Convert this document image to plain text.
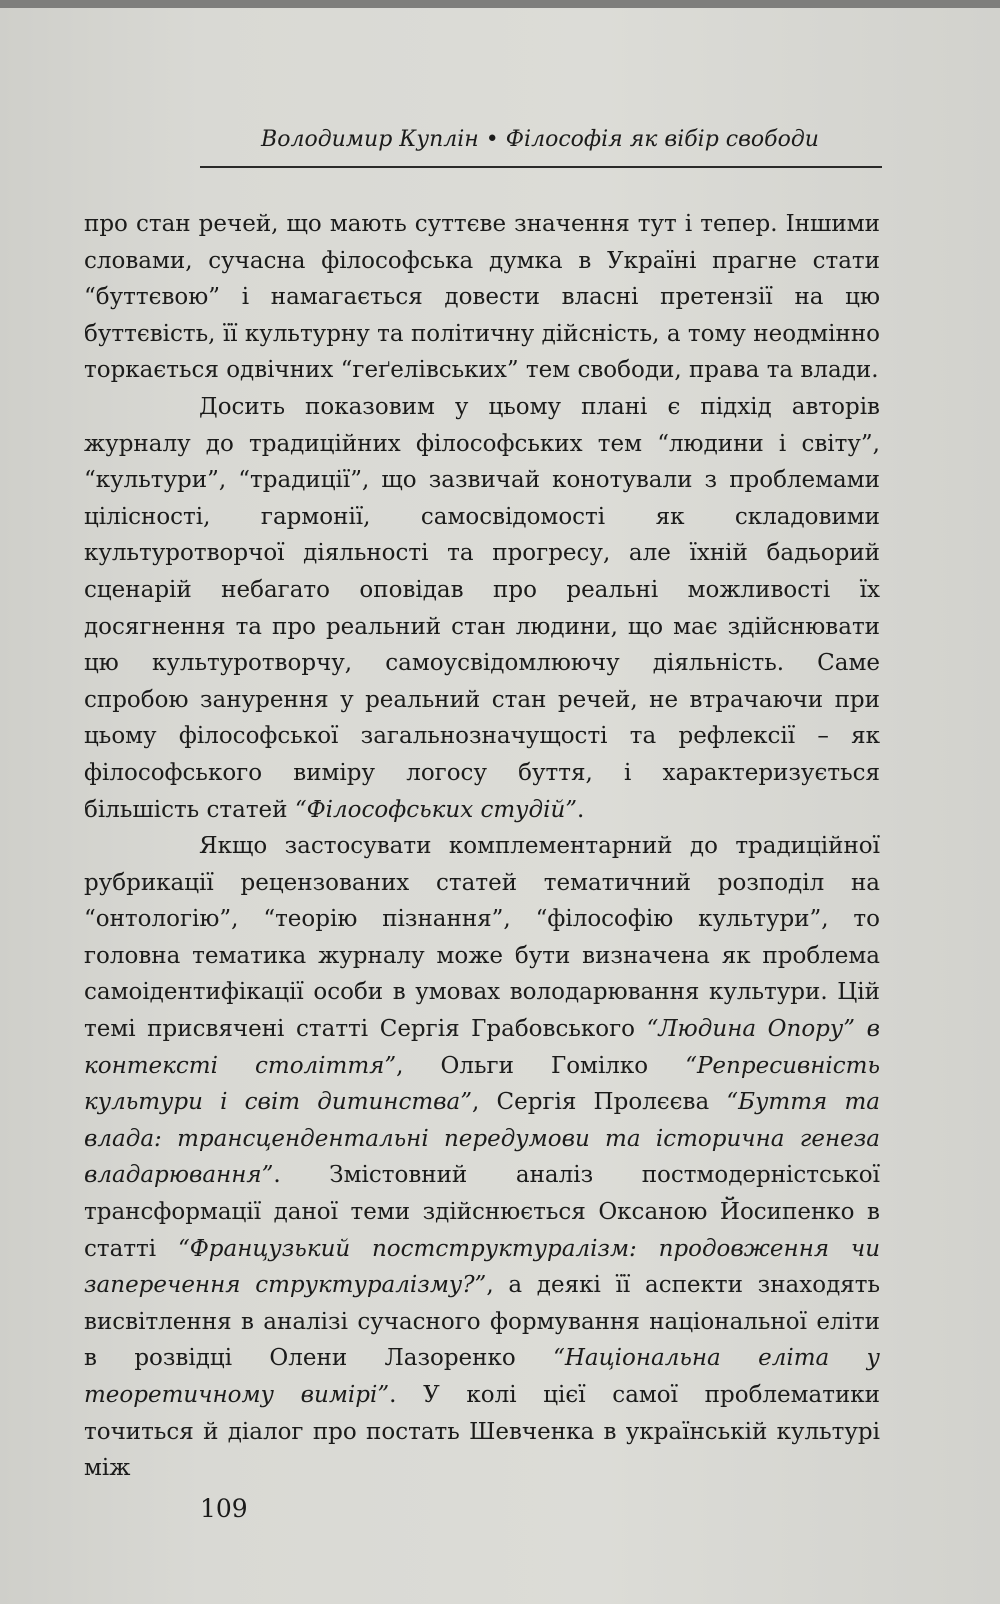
Володимир Куплін • Філософія як вібір свободи

про стан речей, що мають суттєве значення тут і тепер. Іншими словами, сучасна філософська думка в Україні прагне стати “буттєвою” і намагається довести власні претензії на цю буттєвість, її культурну та політичну дійсність, а тому неодмінно торкається одвічних “геґелівських” тем свободи, права та влади.

Досить показовим у цьому плані є підхід авторів журналу до традиційних філософських тем “людини і світу”, “культури”, “традиції”, що зазвичай конотували з проблемами цілісності, гармонії, самосвідомості як складовими культуротворчої діяльності та прогресу, але їхній бадьорий сценарій небагато оповідав про реальні можливості їх досягнення та про реальний стан людини, що має здійснювати цю культуротворчу, самоусвідомлюючу діяльність. Саме спробою занурення у реальний стан речей, не втрачаючи при цьому філософської загальнозначущості та рефлексії – як філософського виміру логосу буття, і характеризується більшість статей “Філософських студій”.

Якщо застосувати комплементарний до традиційної рубрикації рецензованих статей тематичний розподіл на “онтологію”, “теорію пізнання”, “філософію культури”, то головна тематика журналу може бути визначена як проблема самоідентифікації особи в умовах володарювання культури. Цій темі присвячені статті Сергія Грабовського “Людина Опору” в контексті століття”, Ольги Гомілко “Репресивність культури і світ дитинства”, Сергія Пролєєва “Буття та влада: трансцендентальні передумови та історична генеза владарювання”. Змістовний аналіз постмодерністської трансформації даної теми здійснюється Оксаною Йосипенко в статті “Французький постструктуралізм: продовження чи заперечення структуралізму?”, а деякі її аспекти знаходять висвітлення в аналізі сучасного формування національної еліти в розвідці Олени Лазоренко “Національна еліта у теоретичному вимірі”. У колі цієї самої проблематики точиться й діалог про постать Шевченка в українській культурі між

109
